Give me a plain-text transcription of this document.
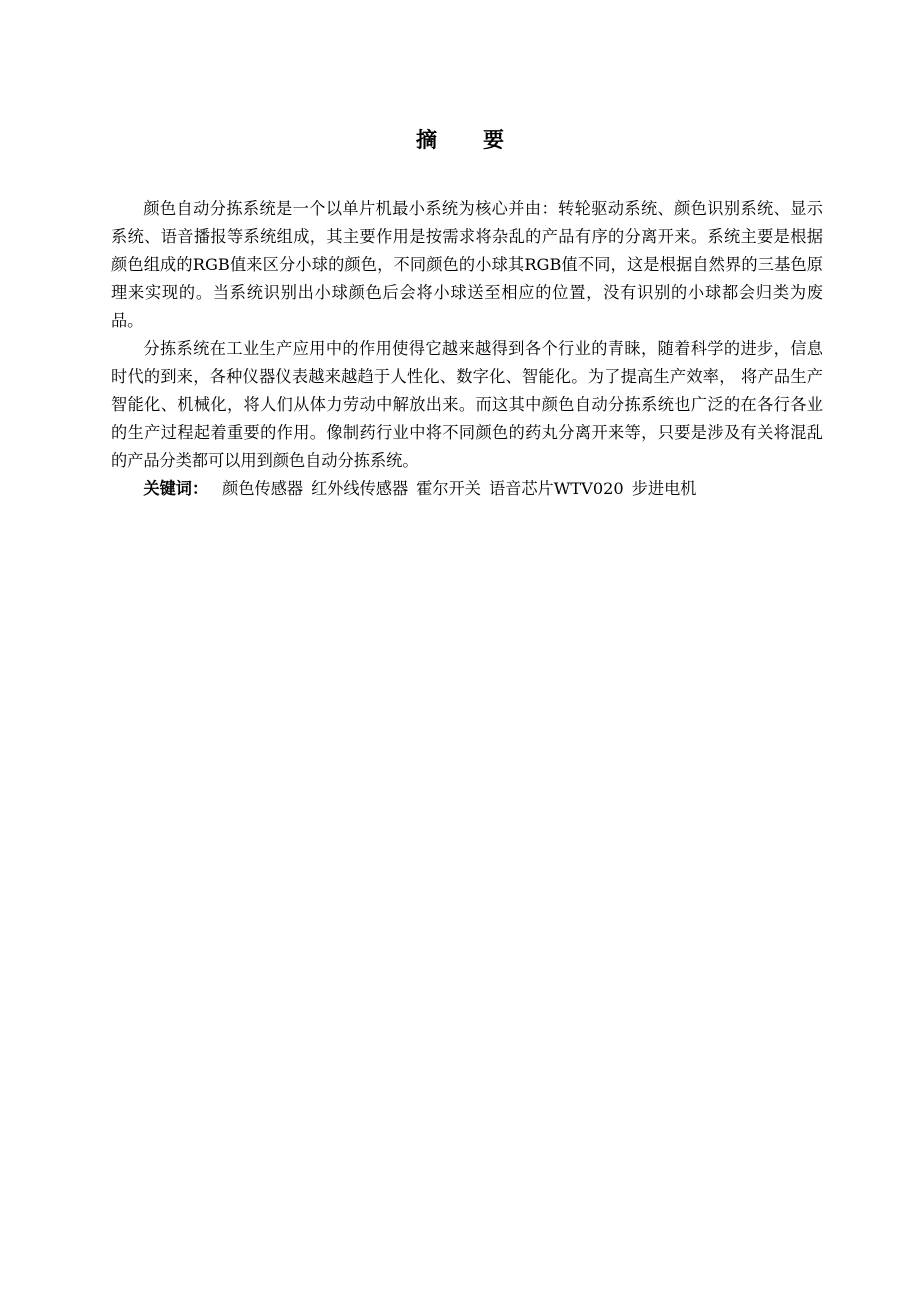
摘 要

颜色自动分拣系统是一个以单片机最小系统为核心并由：转轮驱动系统、颜色识别系统、显示系统、语音播报等系统组成，其主要作用是按需求将杂乱的产品有序的分离开来。系统主要是根据颜色组成的RGB值来区分小球的颜色，不同颜色的小球其RGB值不同，这是根据自然界的三基色原理来实现的。当系统识别出小球颜色后会将小球送至相应的位置，没有识别的小球都会归类为废品。

分拣系统在工业生产应用中的作用使得它越来越得到各个行业的青睐，随着科学的进步，信息时代的到来，各种仪器仪表越来越趋于人性化、数字化、智能化。为了提高生产效率， 将产品生产智能化、机械化，将人们从体力劳动中解放出来。而这其中颜色自动分拣系统也广泛的在各行各业的生产过程起着重要的作用。像制药行业中将不同颜色的药丸分离开来等，只要是涉及有关将混乱的产品分类都可以用到颜色自动分拣系统。

关键词： 颜色传感器 红外线传感器 霍尔开关 语音芯片WTV020 步进电机
